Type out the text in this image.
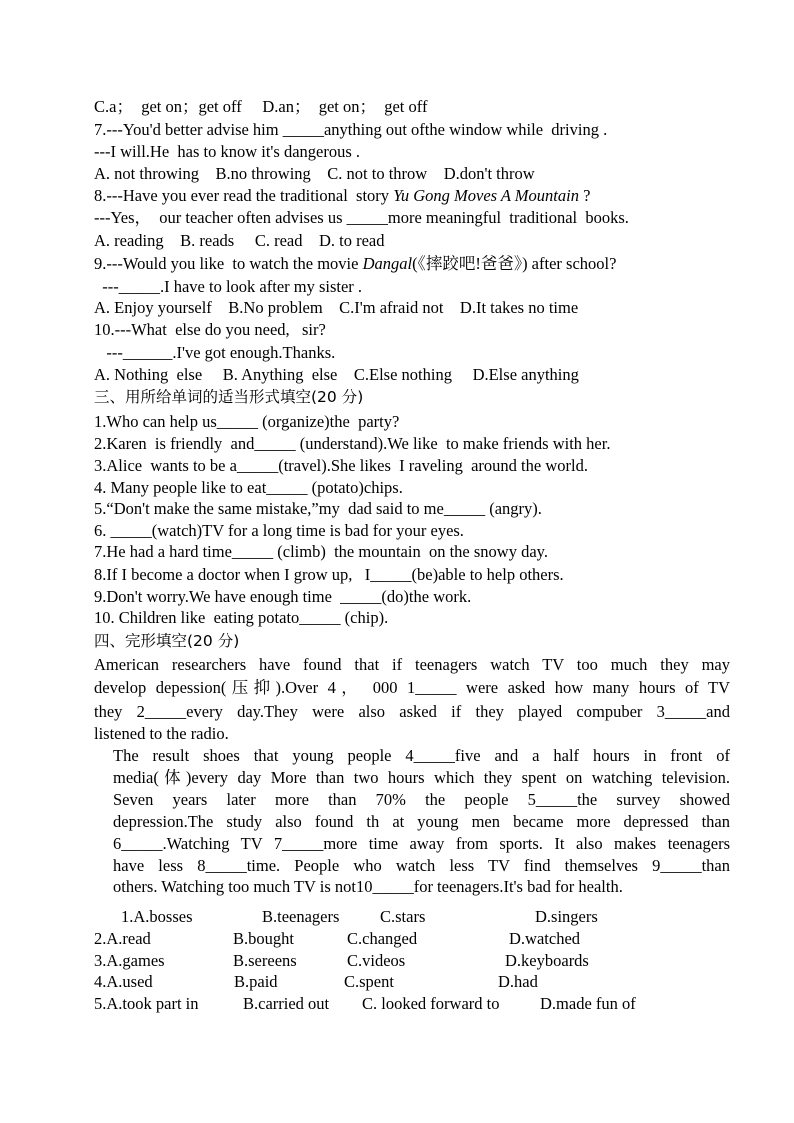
C.a；  get on；get off     D.an；  get on；  get off
7.---You'd better advise him _____anything out ofthe window while  driving .
---I will.He  has to know it's dangerous .
A. not throwing    B.no throwing    C. not to throw    D.don't throw
8.---Have you ever read the traditional  story Yu Gong Moves A Mountain ?
---Yes，  our teacher often advises us _____more meaningful  traditional  books.
A. reading    B. reads     C. read    D. to read
9.---Would you like  to watch the movie Dangal(《摔跤吧!爸爸》) after school?
---_____.I have to look after my sister .
A. Enjoy yourself    B.No problem    C.I'm afraid not    D.It takes no time
10.---What  else do you need,   sir?
---______.I've got enough.Thanks.
A. Nothing  else     B. Anything  else    C.Else nothing     D.Else anything
三、用所给单词的适当形式填空(20 分)
1.Who can help us_____ (organize)the  party?
2.Karen  is friendly  and_____ (understand).We like  to make friends with her.
3.Alice  wants to be a_____(travel).She likes  I raveling  around the world.
4. Many people like to eat_____ (potato)chips.
5.“Don't make the same mistake,”my  dad said to me_____ (angry).
6. _____(watch)TV for a long time is bad for your eyes.
7.He had a hard time_____ (climb)  the mountain  on the snowy day.
8.If I become a doctor when I grow up,   I_____(be)able to help others.
9.Don't worry.We have enough time  _____(do)the work.
10. Children like  eating potato_____ (chip).
四、完形填空(20 分)
American researchers have found that if teenagers watch TV too much they may
develop depession(压抑).Over 4， 000 1_____ were asked how many hours of TV
they 2_____every day.They were also asked if they played compuber 3_____and
listened to the radio.
The result shoes that young people 4_____five and a half hours in front of
media(体)every day More than two hours which they spent on watching television.
Seven years later more than 70% the people 5_____the survey showed
depression.The study also found th at young men became more depressed than
6_____.Watching TV 7_____more time away from sports. It also makes teenagers
have less 8_____time. People who watch less TV find themselves 9_____than
others. Watching too much TV is not10_____for teenagers.It's bad for health.
1.A.bosses	B.teenagers C.stars	D.singers
2.A.read	B.bought	C.changed	D.watched
3.A.games	B.sereens	C.videos	D.keyboards
4.A.used	B.paid	C.spent	D.had
5.A.took part in	B.carried out C. looked forward to D.made fun of
